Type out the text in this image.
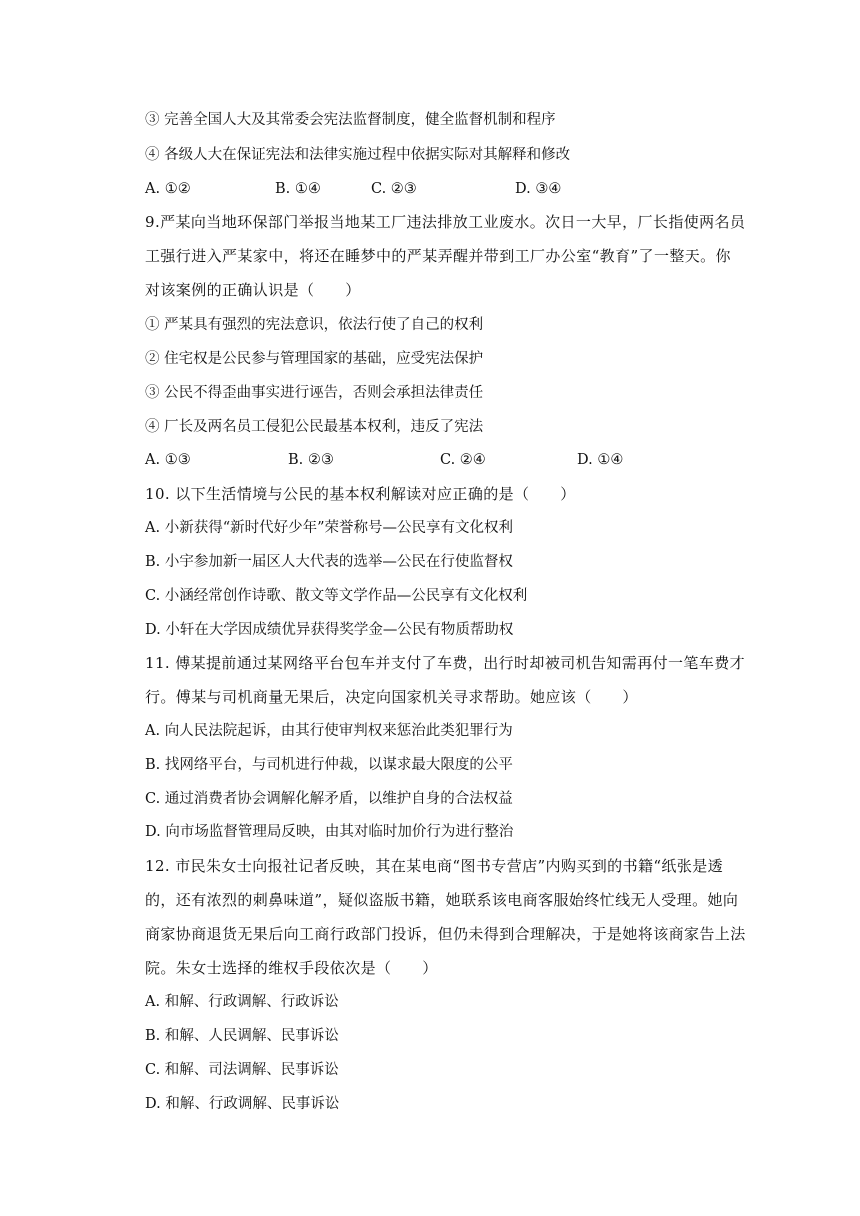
③ 完善全国人大及其常委会宪法监督制度，健全监督机制和程序
④ 各级人大在保证宪法和法律实施过程中依据实际对其解释和修改
A. ①②	B. ①④	C. ②③	D. ③④
9.严某向当地环保部门举报当地某工厂违法排放工业废水。次日一大早，厂长指使两名员
工强行进入严某家中，将还在睡梦中的严某弄醒并带到工厂办公室“教育”了一整天。你
对该案例的正确认识是（　　）
① 严某具有强烈的宪法意识，依法行使了自己的权利
② 住宅权是公民参与管理国家的基础，应受宪法保护
③ 公民不得歪曲事实进行诬告，否则会承担法律责任
④ 厂长及两名员工侵犯公民最基本权利，违反了宪法
A. ①③	B. ②③	C. ②④	D. ①④
10. 以下生活情境与公民的基本权利解读对应正确的是（　　）
A. 小新获得“新时代好少年”荣誉称号—公民享有文化权利
B. 小宇参加新一届区人大代表的选举—公民在行使监督权
C. 小涵经常创作诗歌、散文等文学作品—公民享有文化权利
D. 小轩在大学因成绩优异获得奖学金—公民有物质帮助权
11. 傅某提前通过某网络平台包车并支付了车费，出行时却被司机告知需再付一笔车费才
行。傅某与司机商量无果后，决定向国家机关寻求帮助。她应该（　　）
A. 向人民法院起诉，由其行使审判权来惩治此类犯罪行为
B. 找网络平台，与司机进行仲裁，以谋求最大限度的公平
C. 通过消费者协会调解化解矛盾，以维护自身的合法权益
D. 向市场监督管理局反映，由其对临时加价行为进行整治
12. 市民朱女士向报社记者反映，其在某电商“图书专营店”内购买到的书籍“纸张是透
的，还有浓烈的刺鼻味道”，疑似盗版书籍，她联系该电商客服始终忙线无人受理。她向
商家协商退货无果后向工商行政部门投诉，但仍未得到合理解决，于是她将该商家告上法
院。朱女士选择的维权手段依次是（　　）
A. 和解、行政调解、行政诉讼
B. 和解、人民调解、民事诉讼
C. 和解、司法调解、民事诉讼
D. 和解、行政调解、民事诉讼
